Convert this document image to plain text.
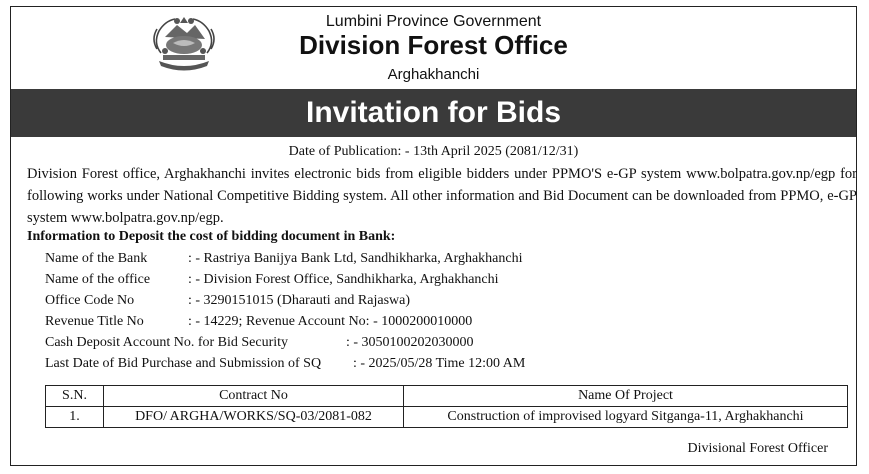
Lumbini Province Government
Division Forest Office
Arghakhanchi
Invitation for Bids
Date of Publication: - 13th April 2025 (2081/12/31)
Division Forest office, Arghakhanchi invites electronic bids from eligible bidders under PPMO'S e-GP system www.bolpatra.gov.np/egp for following works under National Competitive Bidding system. All other information and Bid Document can be downloaded from PPMO, e-GP system www.bolpatra.gov.np/egp.
Information to Deposit the cost of bidding document in Bank:
Name of the Bank	: - Rastriya Banijya Bank Ltd, Sandhikharka, Arghakhanchi
Name of the office	: - Division Forest Office, Sandhikharka, Arghakhanchi
Office Code No	: - 3290151015 (Dharauti and Rajaswa)
Revenue Title No	: - 14229; Revenue Account No: - 1000200010000
Cash Deposit Account No. for Bid Security	: - 3050100202030000
Last Date of Bid Purchase and Submission of SQ : - 2025/05/28 Time 12:00 AM
S.N.	Contract No	Name Of Project
1.	DFO/ ARGHA/WORKS/SQ-03/2081-082	Construction of improvised logyard Sitganga-11, Arghakhanchi
Divisional Forest Officer
